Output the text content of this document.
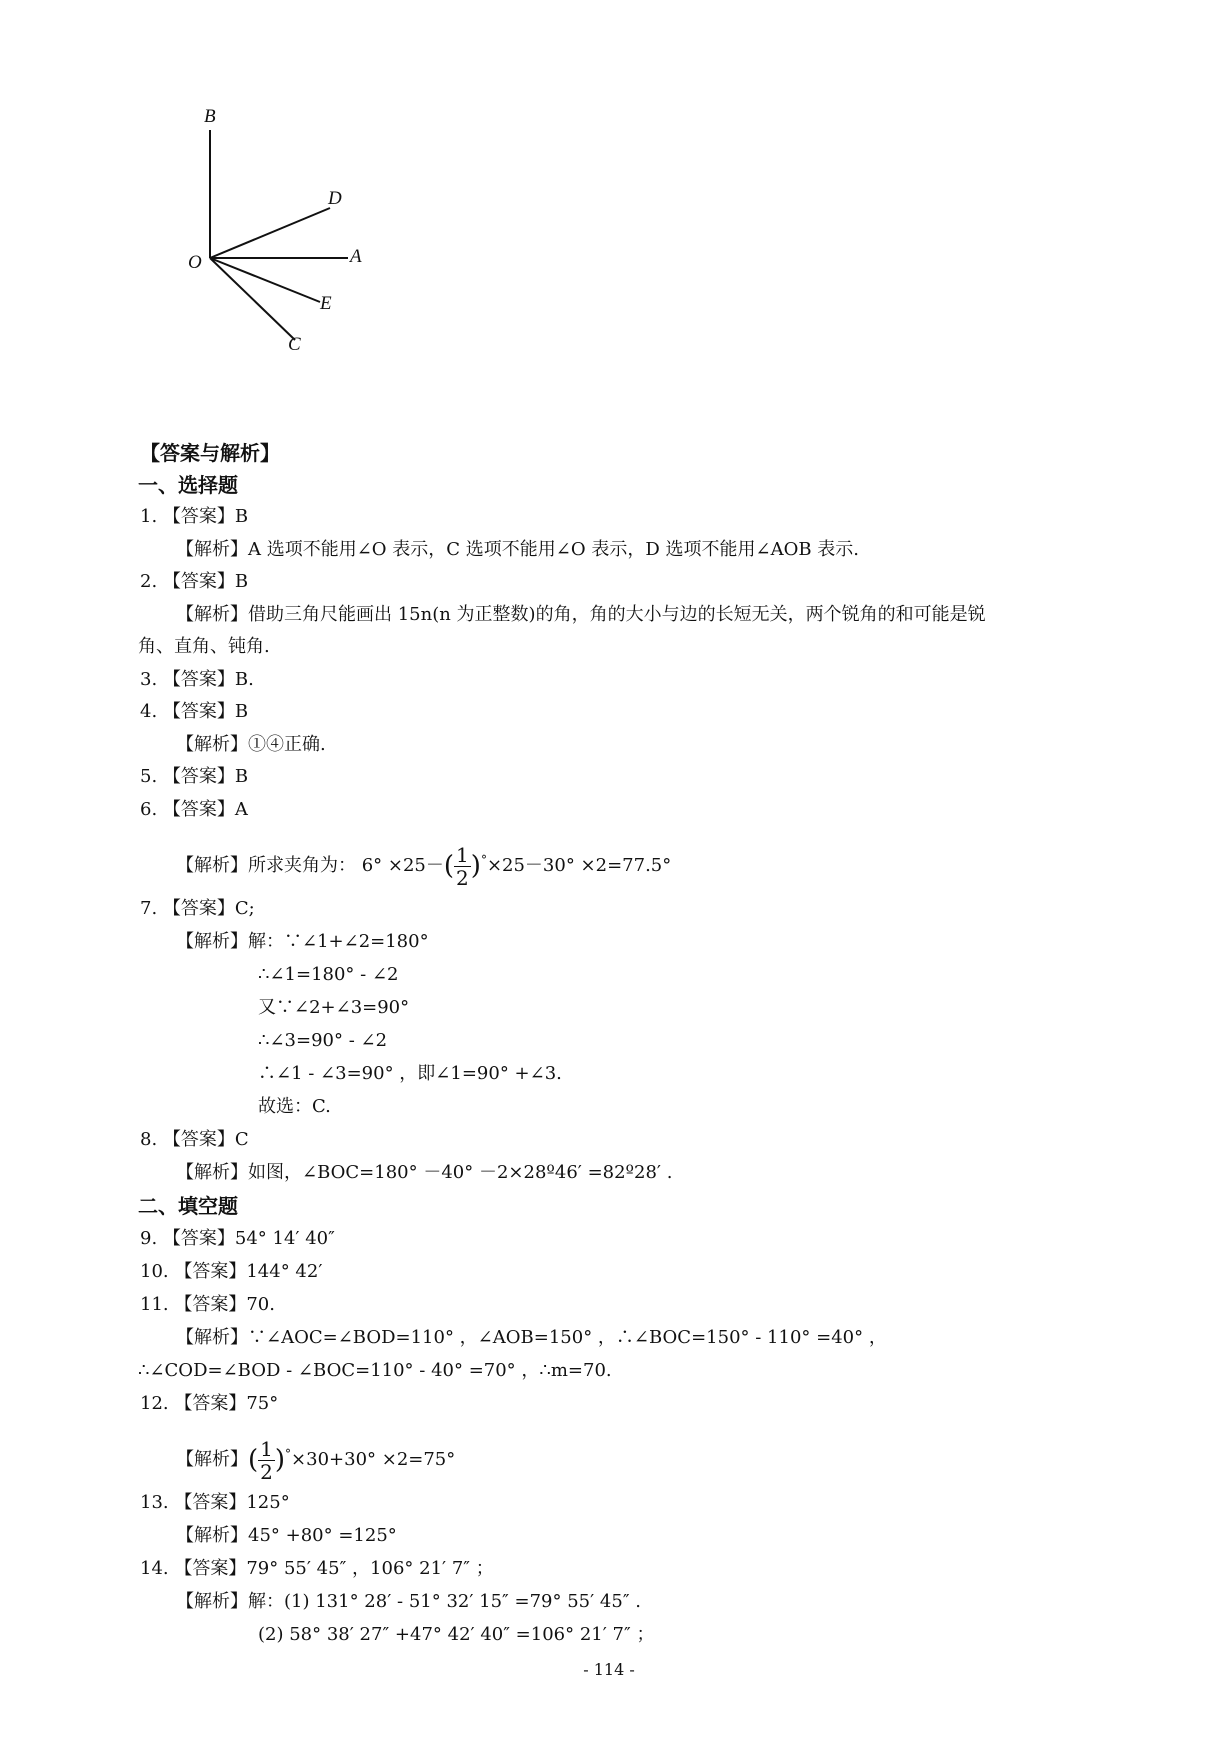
B
D
O	A
E
C
【答案与解析】
一、选择题
1. 【答案】B
【解析】A 选项不能用∠O 表示，C 选项不能用∠O 表示，D 选项不能用∠AOB 表示.
2. 【答案】B
【解析】借助三角尺能画出 15n(n 为正整数)的角，角的大小与边的长短无关，两个锐角的和可能是锐
角、直角、钝角.
3. 【答案】B.
4. 【答案】B
【解析】①④正确.
5. 【答案】B
6. 【答案】A
【解析】所求夹角为： $6^\circ \times 25-( \frac{1}{2} )^\circ\times 25-30^\circ \times 2=77.5^\circ$
7. 【答案】C;
【解析】解：∵∠1+∠2=180°
∴∠1=180° - ∠2
又∵∠2+∠3=90°
∴∠3=90° - ∠2
∴∠1 - ∠3=90° ，即∠1=90° +∠3.
故选：C.
8. 【答案】C
【解析】如图，∠BOC=180° －40° －2×28º46′ =82º28′ .
二、填空题
9. 【答案】54° 14′ 40″
10. 【答案】144° 42′
11. 【答案】70.
【解析】∵∠AOC=∠BOD=110° ，∠AOB=150° ，∴∠BOC=150° - 110° =40° ，
∴∠COD=∠BOD - ∠BOC=110° - 40° =70° ，∴m=70.
12. 【答案】75°
【解析】( $\frac{1}{2} )^\circ\times 30+30^\circ \times 2=75^\circ$
13. 【答案】125°
【解析】45° +80° =125°
14. 【答案】79° 55′ 45″ ，106° 21′ 7″ ；
【解析】解：(1) 131° 28′ - 51° 32′ 15″ =79° 55′ 45″ .
(2) 58° 38′ 27″ +47° 42′ 40″ =106° 21′ 7″ ；
- 114 -
